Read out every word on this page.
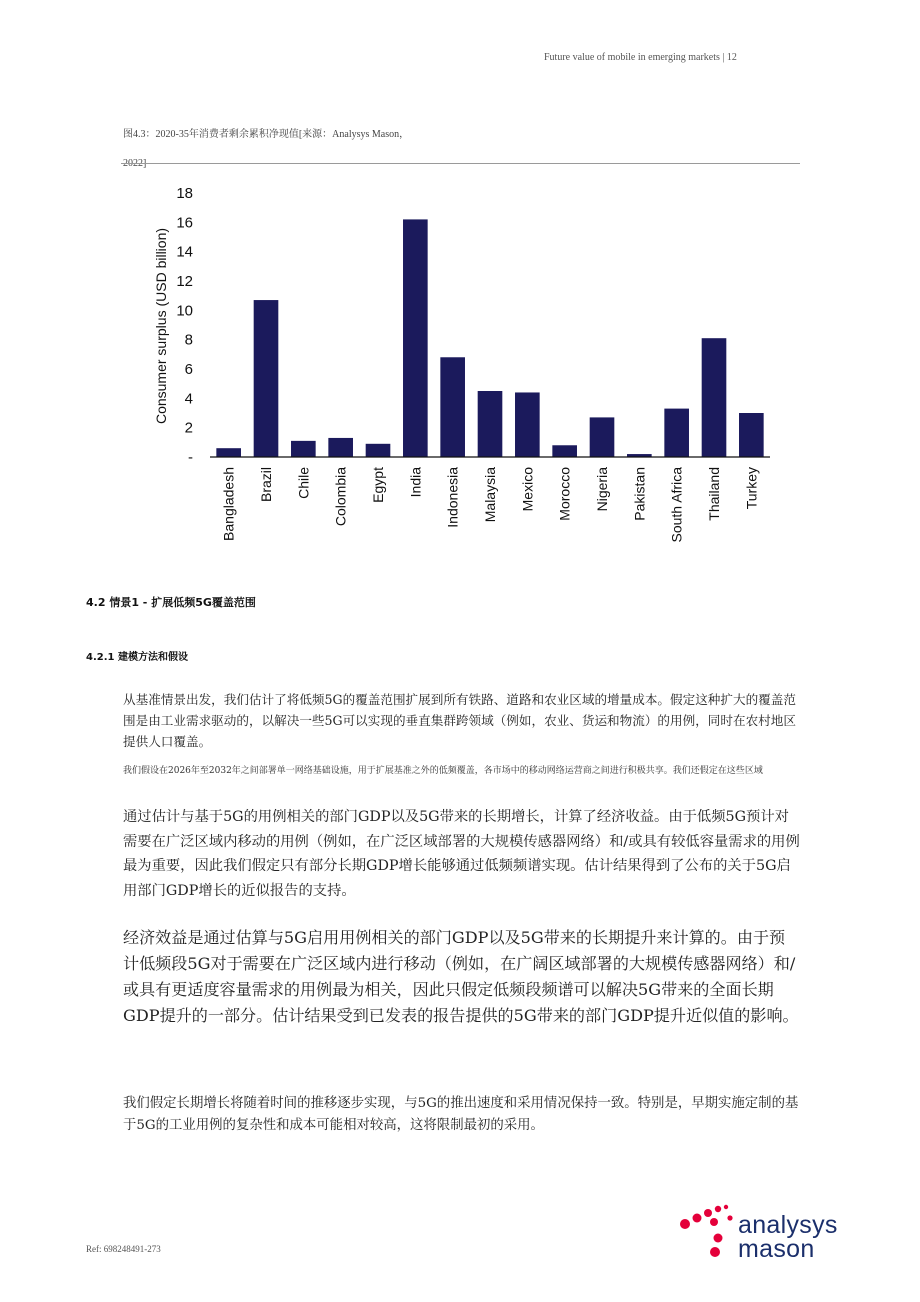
Future value of mobile in emerging markets | 12
图4.3：2020-35年消费者剩余累积净现值[来源：Analysys Mason，
Consumer surplus (USD billion)
-
2
4
6
8
10
12
14
16
18
Bangladesh Brazil Chile Colombia Egypt India Indonesia Malaysia Mexico Morocco Nigeria Pakistan South Africa Thailand Turkey
4.2 情景1 - 扩展低频5G覆盖范围
4.2.1 建模方法和假设
从基准情景出发，我们估计了将低频5G的覆盖范围扩展到所有铁路、道路和农业区域的增量成本。假定这种扩大的覆盖范围是由工业需求驱动的，以解决一些5G可以实现的垂直集群跨领域（例如，农业、货运和物流）的用例，同时在农村地区提供人口覆盖。
我们假设在2026年至2032年之间部署单一网络基础设施，用于扩展基准之外的低频覆盖，各市场中的移动网络运营商之间进行积极共享。我们还假定在这些区域
通过估计与基于5G的用例相关的部门GDP以及5G带来的长期增长，计算了经济收益。由于低频5G预计对需要在广泛区域内移动的用例（例如，在广泛区域部署的大规模传感器网络）和/或具有较低容量需求的用例最为重要，因此我们假定只有部分长期GDP增长能够通过低频频谱实现。估计结果得到了公布的关于5G启用部门GDP增长的近似报告的支持。
经济效益是通过估算与5G启用用例相关的部门GDP以及5G带来的长期提升来计算的。由于预计低频段5G对于需要在广泛区域内进行移动（例如，在广阔区域部署的大规模传感器网络）和/或具有更适度容量需求的用例最为相关，因此只假定低频段频谱可以解决5G带来的全面长期GDP提升的一部分。估计结果受到已发表的报告提供的5G带来的部门GDP提升近似值的影响。
我们假定长期增长将随着时间的推移逐步实现，与5G的推出速度和采用情况保持一致。特别是，早期实施定制的基于5G的工业用例的复杂性和成本可能相对较高，这将限制最初的采用。
Ref: 698248491-273
analysys
mason
